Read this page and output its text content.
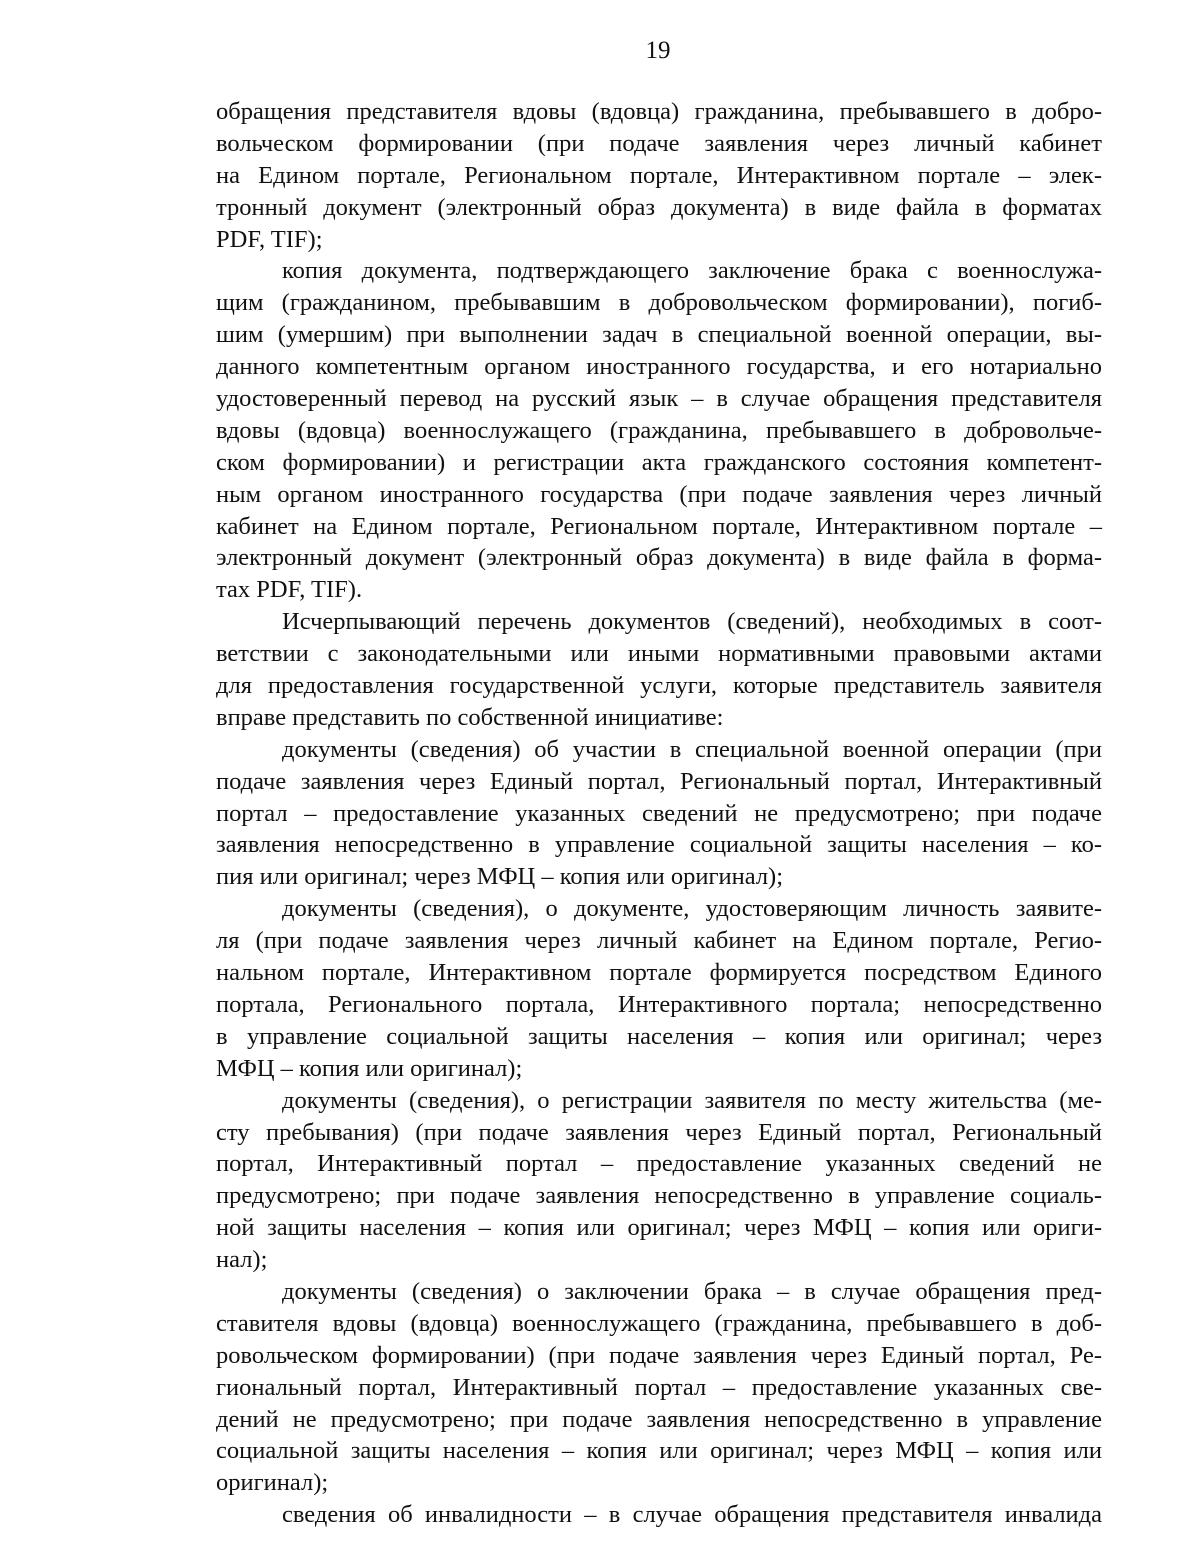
19
обращения представителя вдовы (вдовца) гражданина, пребывавшего в добро-
вольческом формировании (при подаче заявления через личный кабинет
на Едином портале, Региональном портале, Интерактивном портале – элек-
тронный документ (электронный образ документа) в виде файла в форматах
PDF, TIF);
копия документа, подтверждающего заключение брака с военнослужа-
щим (гражданином, пребывавшим в добровольческом формировании), погиб-
шим (умершим) при выполнении задач в специальной военной операции, вы-
данного компетентным органом иностранного государства, и его нотариально
удостоверенный перевод на русский язык – в случае обращения представителя
вдовы (вдовца) военнослужащего (гражданина, пребывавшего в добровольче-
ском формировании) и регистрации акта гражданского состояния компетент-
ным органом иностранного государства (при подаче заявления через личный
кабинет на Едином портале, Региональном портале, Интерактивном портале –
электронный документ (электронный образ документа) в виде файла в форма-
тах PDF, TIF).
Исчерпывающий перечень документов (сведений), необходимых в соот-
ветствии с законодательными или иными нормативными правовыми актами
для предоставления государственной услуги, которые представитель заявителя
вправе представить по собственной инициативе:
документы (сведения) об участии в специальной военной операции (при
подаче заявления через Единый портал, Региональный портал, Интерактивный
портал – предоставление указанных сведений не предусмотрено; при подаче
заявления непосредственно в управление социальной защиты населения – ко-
пия или оригинал; через МФЦ – копия или оригинал);
документы (сведения), о документе, удостоверяющим личность заявите-
ля (при подаче заявления через личный кабинет на Едином портале, Регио-
нальном портале, Интерактивном портале формируется посредством Единого
портала, Регионального портала, Интерактивного портала; непосредственно
в управление социальной защиты населения – копия или оригинал; через
МФЦ – копия или оригинал);
документы (сведения), о регистрации заявителя по месту жительства (ме-
сту пребывания) (при подаче заявления через Единый портал, Региональный
портал, Интерактивный портал – предоставление указанных сведений не
предусмотрено; при подаче заявления непосредственно в управление социаль-
ной защиты населения – копия или оригинал; через МФЦ – копия или ориги-
нал);
документы (сведения) о заключении брака – в случае обращения пред-
ставителя вдовы (вдовца) военнослужащего (гражданина, пребывавшего в доб-
ровольческом формировании) (при подаче заявления через Единый портал, Ре-
гиональный портал, Интерактивный портал – предоставление указанных све-
дений не предусмотрено; при подаче заявления непосредственно в управление
социальной защиты населения – копия или оригинал; через МФЦ – копия или
оригинал);
сведения об инвалидности – в случае обращения представителя инвалида
